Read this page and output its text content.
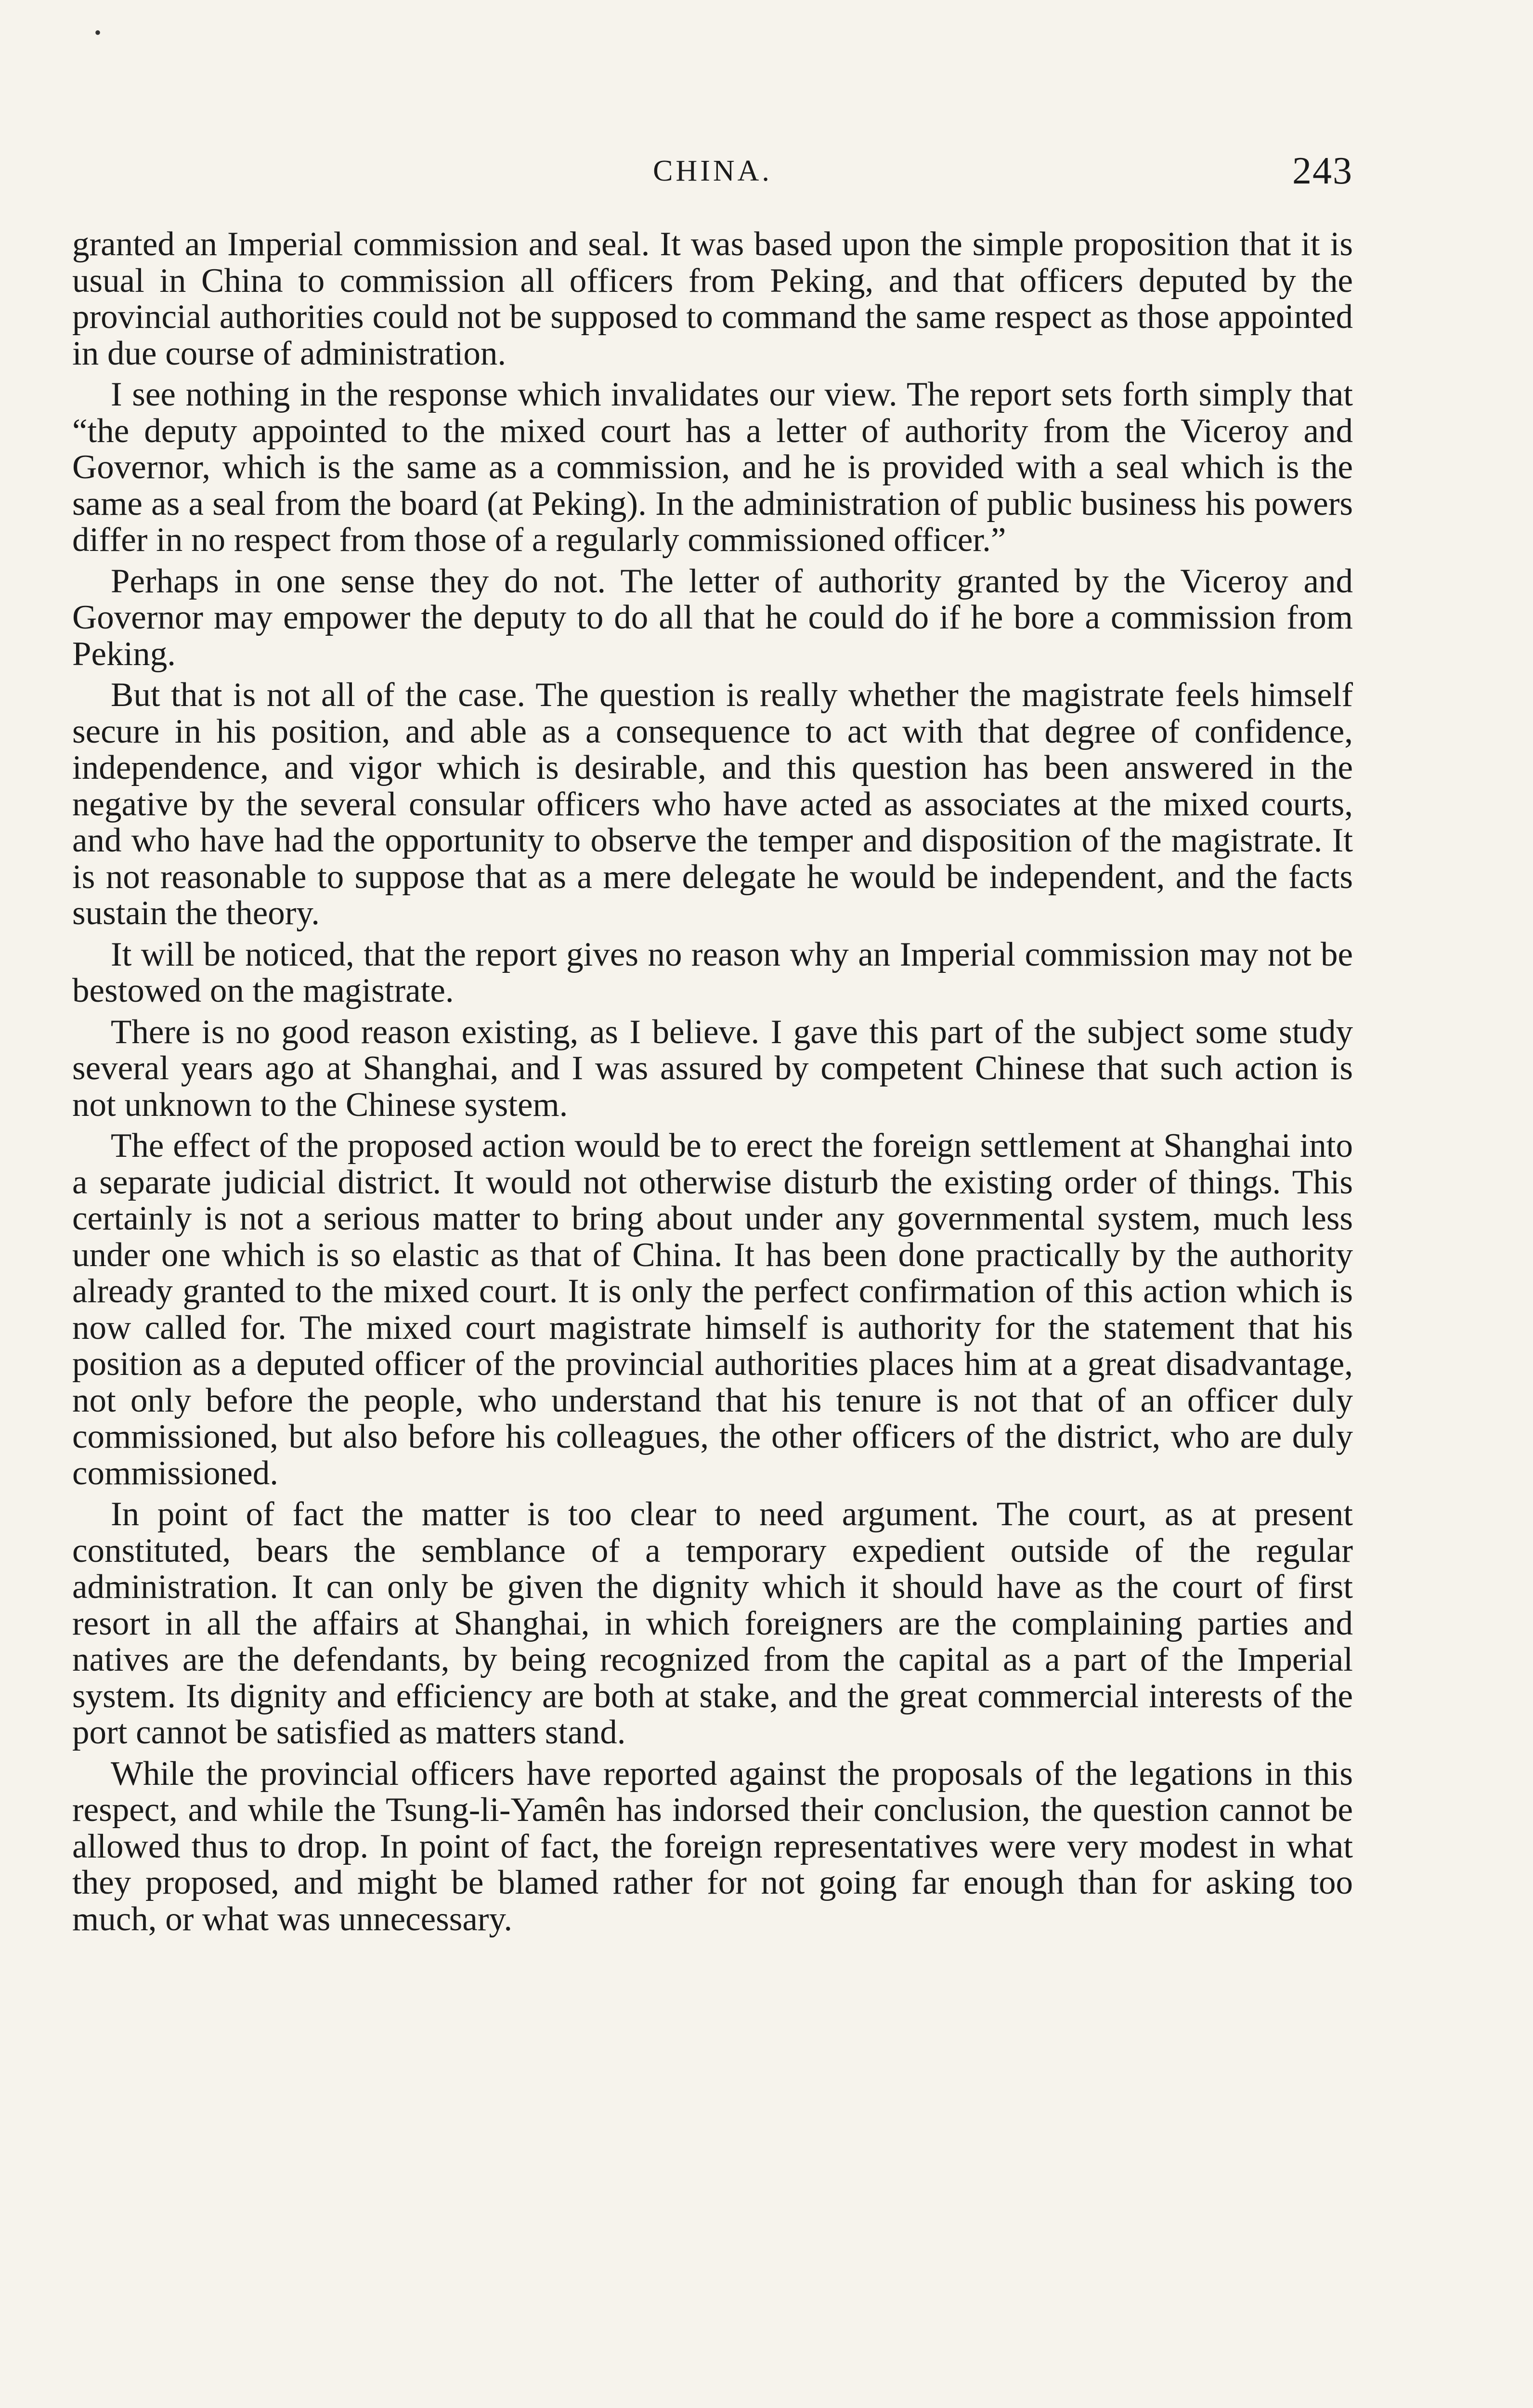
•
CHINA.	243

granted an Imperial commission and seal. It was based upon the simple proposition that it is usual in China to commission all officers from Peking, and that officers deputed by the provincial authorities could not be supposed to command the same respect as those appointed in due course of administration.

I see nothing in the response which invalidates our view. The report sets forth simply that “the deputy appointed to the mixed court has a letter of authority from the Viceroy and Governor, which is the same as a commission, and he is provided with a seal which is the same as a seal from the board (at Peking). In the administration of public business his powers differ in no respect from those of a regularly commissioned officer.”

Perhaps in one sense they do not. The letter of authority granted by the Viceroy and Governor may empower the deputy to do all that he could do if he bore a commission from Peking.

But that is not all of the case. The question is really whether the magistrate feels himself secure in his position, and able as a consequence to act with that degree of confidence, independence, and vigor which is desirable, and this question has been answered in the negative by the several consular officers who have acted as associates at the mixed courts, and who have had the opportunity to observe the temper and disposition of the magistrate. It is not reasonable to suppose that as a mere delegate he would be independent, and the facts sustain the theory.

It will be noticed, that the report gives no reason why an Imperial commission may not be bestowed on the magistrate.

There is no good reason existing, as I believe. I gave this part of the subject some study several years ago at Shanghai, and I was assured by competent Chinese that such action is not unknown to the Chinese system.

The effect of the proposed action would be to erect the foreign settlement at Shanghai into a separate judicial district. It would not otherwise disturb the existing order of things. This certainly is not a serious matter to bring about under any governmental system, much less under one which is so elastic as that of China. It has been done practically by the authority already granted to the mixed court. It is only the perfect confirmation of this action which is now called for. The mixed court magistrate himself is authority for the statement that his position as a deputed officer of the provincial authorities places him at a great disadvantage, not only before the people, who understand that his tenure is not that of an officer duly commissioned, but also before his colleagues, the other officers of the district, who are duly commissioned.

In point of fact the matter is too clear to need argument. The court, as at present constituted, bears the semblance of a temporary expedient outside of the regular administration. It can only be given the dignity which it should have as the court of first resort in all the affairs at Shanghai, in which foreigners are the complaining parties and natives are the defendants, by being recognized from the capital as a part of the Imperial system. Its dignity and efficiency are both at stake, and the great commercial interests of the port cannot be satisfied as matters stand.

While the provincial officers have reported against the proposals of the legations in this respect, and while the Tsung-li-Yamên has indorsed their conclusion, the question cannot be allowed thus to drop. In point of fact, the foreign representatives were very modest in what they proposed, and might be blamed rather for not going far enough than for asking too much, or what was unnecessary.
